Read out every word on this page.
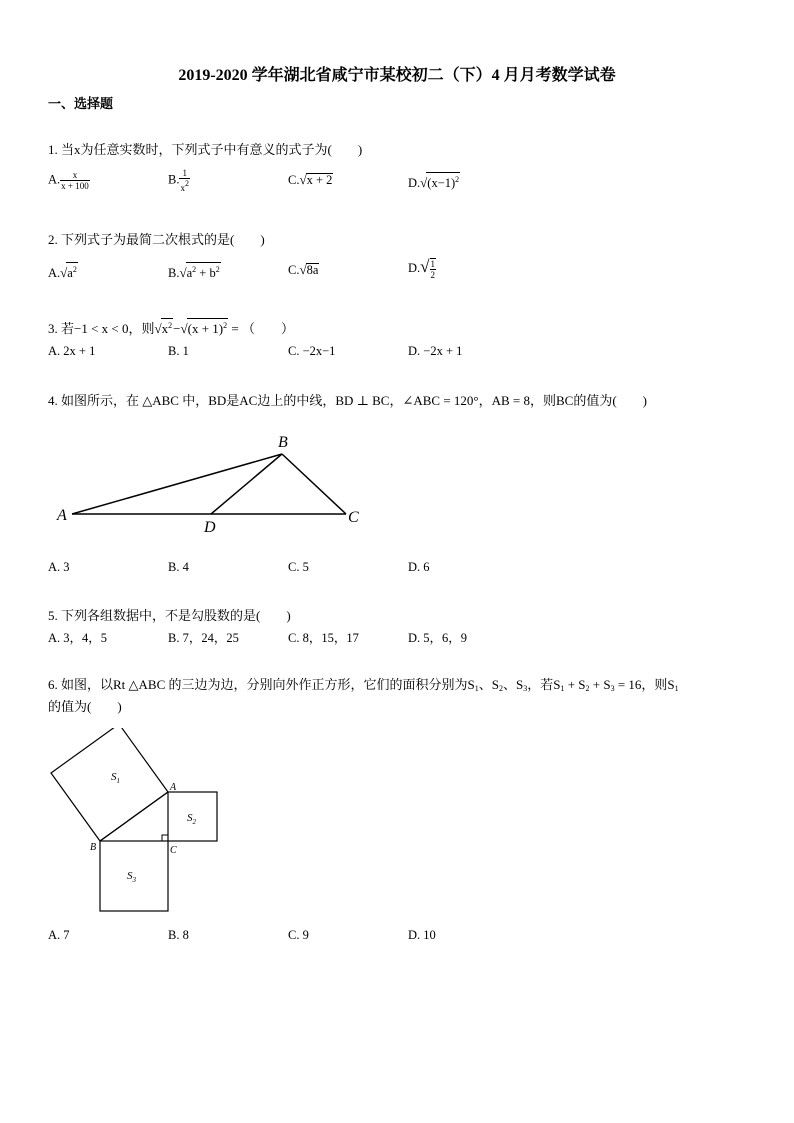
2019-2020 学年湖北省咸宁市某校初二（下）4 月月考数学试卷
一、选择题
1. 当x为任意实数时，下列式子中有意义的式子为(　　)
A. $\frac{x}{x + 100}$	B. $\frac{1}{x^2}$	C.√x + 2	$D.√(x-1)^2$
2. 下列式子为最简二次根式的是(　　)
$A.√a^2$	$B.√a^2 + b^2$	C.√8a	$D.√ \frac{1}{2}$
3. 若−1 < x < 0，则$√x^2-√(x + 1)^2$ = （　　）
A. 2x + 1	B. 1	C. −2x−1	D. −2x + 1
4. 如图所示，在 △ABC 中，BD是AC边上的中线，BD ⊥ BC，∠ABC = 120°，AB = 8，则BC的值为(　　)
A
B
C
D
A. 3	B. 4	C. 5	D. 6
5. 下列各组数据中，不是勾股数的是(　　)
A. 3，4，5	B. 7，24，25	C. 8，15，17	D. 5，6，9
6. 如图，以Rt △ABC 的三边为边，分别向外作正方形，它们的面积分别为$S_1$、$S_2$、$S_3$，若$S_1 + S_2 + S_3 = 16$，则$S_1$
的值为(　　)
$S_1$
$S_2$
$S_3$
A
B	C
A. 7	B. 8	C. 9	D. 10
